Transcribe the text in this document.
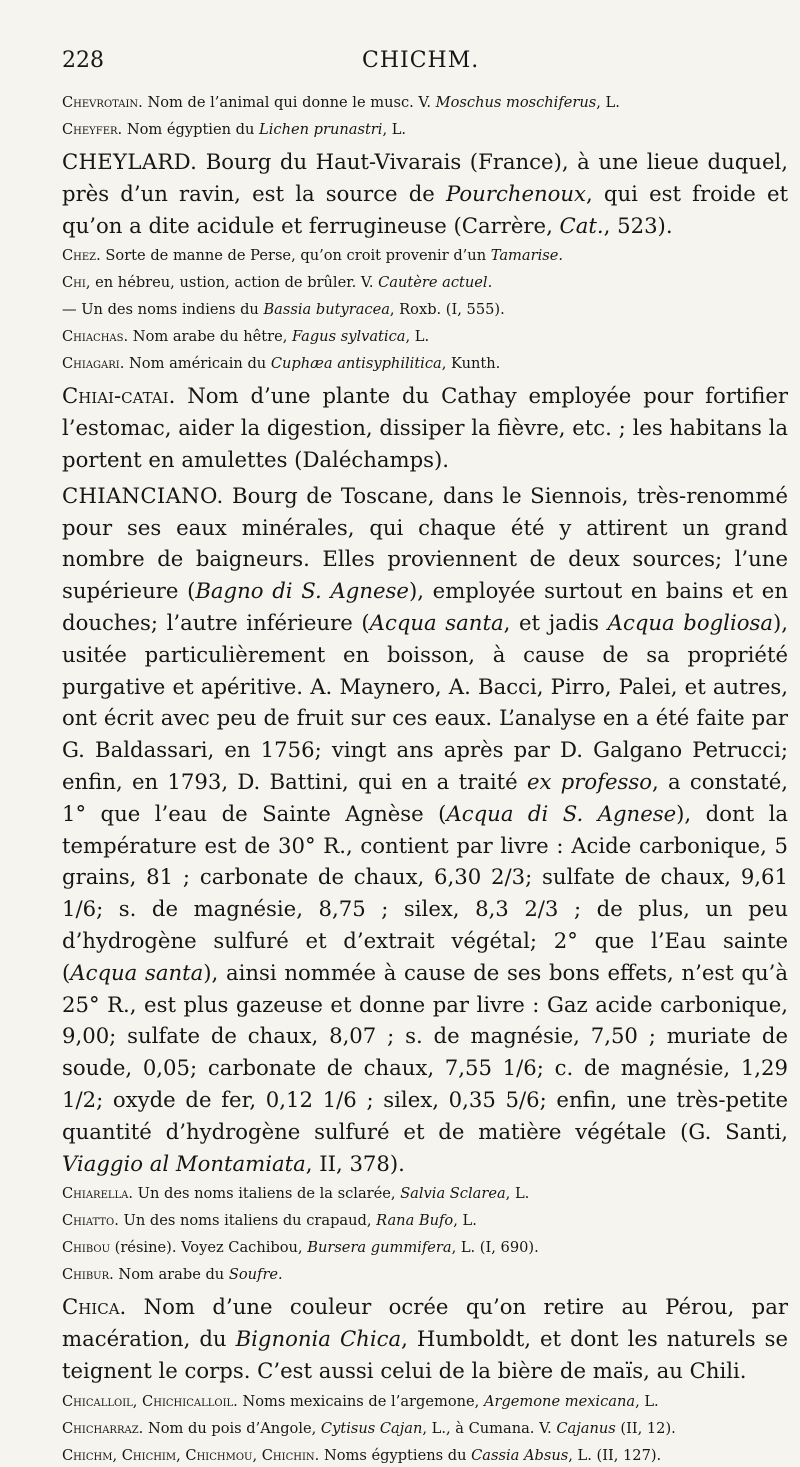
228	CHICHM.

Chevrotain. Nom de l’animal qui donne le musc. V. Moschus moschiferus, L.

Cheyfer. Nom égyptien du Lichen prunastri, L.

CHEYLARD. Bourg du Haut-Vivarais (France), à une lieue duquel, près d’un ravin, est la source de Pourchenoux, qui est froide et qu’on a dite acidule et ferrugineuse (Carrère, Cat., 523).

Chez. Sorte de manne de Perse, qu’on croit provenir d’un Tamarise.

Chi, en hébreu, ustion, action de brûler. V. Cautère actuel.

— Un des noms indiens du Bassia butyracea, Roxb. (I, 555).

Chiachas. Nom arabe du hêtre, Fagus sylvatica, L.

Chiagari. Nom américain du Cuphæa antisyphilitica, Kunth.

Chiai-catai. Nom d’une plante du Cathay employée pour fortifier l’estomac, aider la digestion, dissiper la fièvre, etc. ; les habitans la portent en amulettes (Daléchamps).

CHIANCIANO. Bourg de Toscane, dans le Siennois, très-renommé pour ses eaux minérales, qui chaque été y attirent un grand nombre de baigneurs. Elles proviennent de deux sources; l’une supérieure (Bagno di S. Agnese), employée surtout en bains et en douches; l’autre inférieure (Acqua santa, et jadis Acqua bogliosa), usitée particulièrement en boisson, à cause de sa propriété purgative et apéritive. A. Maynero, A. Bacci, Pirro, Palei, et autres, ont écrit avec peu de fruit sur ces eaux. L’analyse en a été faite par G. Baldassari, en 1756; vingt ans après par D. Galgano Petrucci; enfin, en 1793, D. Battini, qui en a traité ex professo, a constaté, 1° que l’eau de Sainte Agnèse (Acqua di S. Agnese), dont la température est de 30° R., contient par livre : Acide carbonique, 5 grains, 81 ; carbonate de chaux, 6,30 2/3; sulfate de chaux, 9,61 1/6; s. de magnésie, 8,75 ; silex, 8,3 2/3 ; de plus, un peu d’hydrogène sulfuré et d’extrait végétal; 2° que l’Eau sainte (Acqua santa), ainsi nommée à cause de ses bons effets, n’est qu’à 25° R., est plus gazeuse et donne par livre : Gaz acide carbonique, 9,00; sulfate de chaux, 8,07 ; s. de magnésie, 7,50 ; muriate de soude, 0,05; carbonate de chaux, 7,55 1/6; c. de magnésie, 1,29 1/2; oxyde de fer, 0,12 1/6 ; silex, 0,35 5/6; enfin, une très-petite quantité d’hydrogène sulfuré et de matière végétale (G. Santi, Viaggio al Montamiata, II, 378).

Chiarella. Un des noms italiens de la sclarée, Salvia Sclarea, L.

Chiatto. Un des noms italiens du crapaud, Rana Bufo, L.

Chibou (résine). Voyez Cachibou, Bursera gummifera, L. (I, 690).

Chibur. Nom arabe du Soufre.

Chica. Nom d’une couleur ocrée qu’on retire au Pérou, par macération, du Bignonia Chica, Humboldt, et dont les naturels se teignent le corps. C’est aussi celui de la bière de maïs, au Chili.

Chicalloil, Chichicalloil. Noms mexicains de l’argemone, Argemone mexicana, L.

Chicharraz. Nom du pois d’Angole, Cytisus Cajan, L., à Cumana. V. Cajanus (II, 12).

Chichm, Chichim, Chichmou, Chichin. Noms égyptiens du Cassia Absus, L. (II, 127).
